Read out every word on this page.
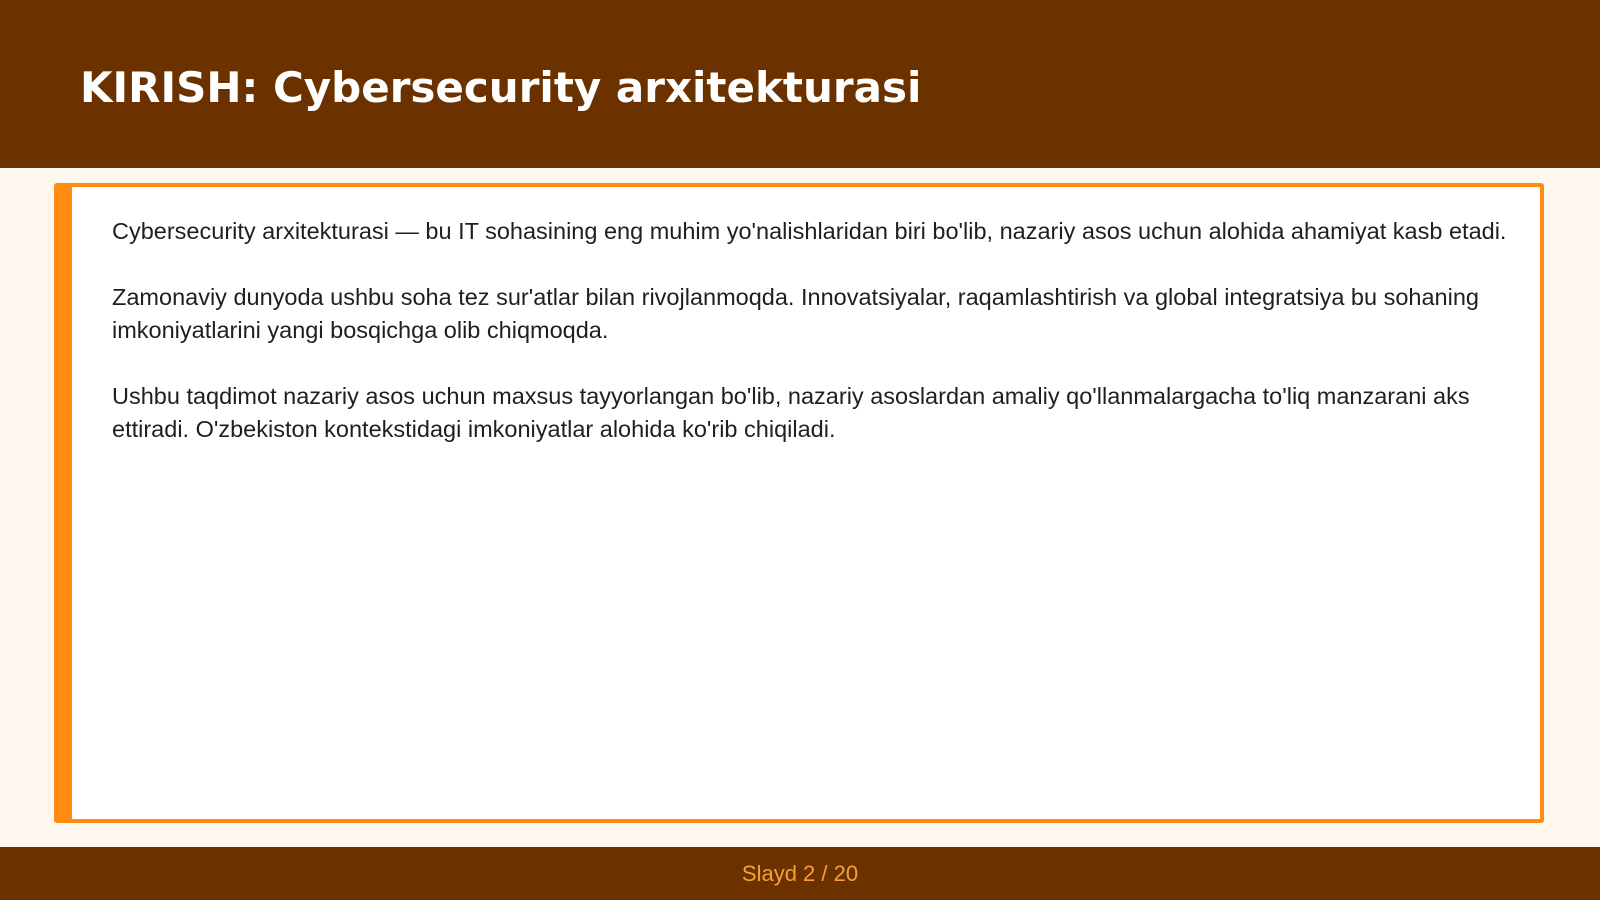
KIRISH: Cybersecurity arxitekturasi

Cybersecurity arxitekturasi — bu IT sohasining eng muhim yo'nalishlaridan biri bo'lib, nazariy asos uchun alohida ahamiyat kasb etadi.

Zamonaviy dunyoda ushbu soha tez sur'atlar bilan rivojlanmoqda. Innovatsiyalar, raqamlashtirish va global integratsiya bu sohaning imkoniyatlarini yangi bosqichga olib chiqmoqda.

Ushbu taqdimot nazariy asos uchun maxsus tayyorlangan bo'lib, nazariy asoslardan amaliy qo'llanmalargacha to'liq manzarani aks ettiradi. O'zbekiston kontekstidagi imkoniyatlar alohida ko'rib chiqiladi.

Slayd 2 / 20
